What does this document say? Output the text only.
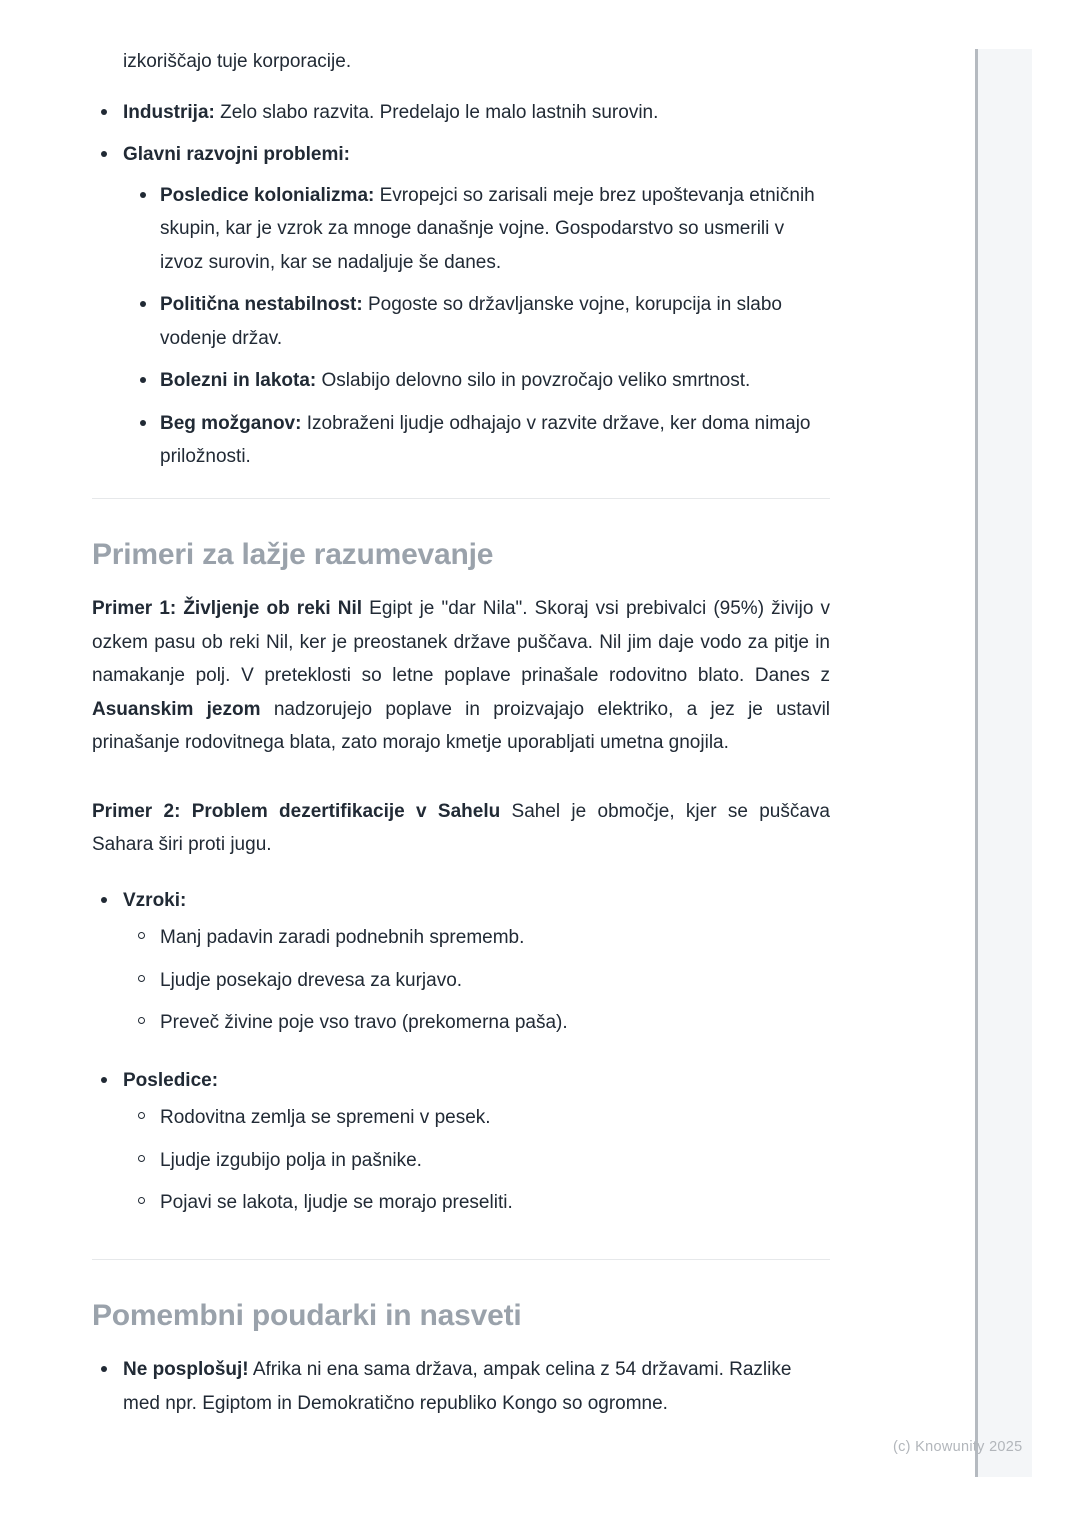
izkoriščajo tuje korporacije.

Industrija: Zelo slabo razvita. Predelajo le malo lastnih surovin.
Glavni razvojni problemi:
Posledice kolonializma: Evropejci so zarisali meje brez upoštevanja etničnih skupin, kar je vzrok za mnoge današnje vojne. Gospodarstvo so usmerili v izvoz surovin, kar se nadaljuje še danes.
Politična nestabilnost: Pogoste so državljanske vojne, korupcija in slabo vodenje držav.
Bolezni in lakota: Oslabijo delovno silo in povzročajo veliko smrtnost.
Beg možganov: Izobraženi ljudje odhajajo v razvite države, ker doma nimajo priložnosti.
Primeri za lažje razumevanje

Primer 1: Življenje ob reki Nil Egipt je "dar Nila". Skoraj vsi prebivalci (95%) živijo v ozkem pasu ob reki Nil, ker je preostanek države puščava. Nil jim daje vodo za pitje in namakanje polj. V preteklosti so letne poplave prinašale rodovitno blato. Danes z Asuanskim jezom nadzorujejo poplave in proizvajajo elektriko, a jez je ustavil prinašanje rodovitnega blata, zato morajo kmetje uporabljati umetna gnojila.

Primer 2: Problem dezertifikacije v Sahelu Sahel je območje, kjer se puščava Sahara širi proti jugu.

Vzroki:
Manj padavin zaradi podnebnih sprememb.
Ljudje posekajo drevesa za kurjavo.
Preveč živine poje vso travo (prekomerna paša).
Posledice:
Rodovitna zemlja se spremeni v pesek.
Ljudje izgubijo polja in pašnike.
Pojavi se lakota, ljudje se morajo preseliti.
Pomembni poudarki in nasveti
Ne posplošuj! Afrika ni ena sama država, ampak celina z 54 državami. Razlike med npr. Egiptom in Demokratično republiko Kongo so ogromne.
(c) Knowunity 2025
